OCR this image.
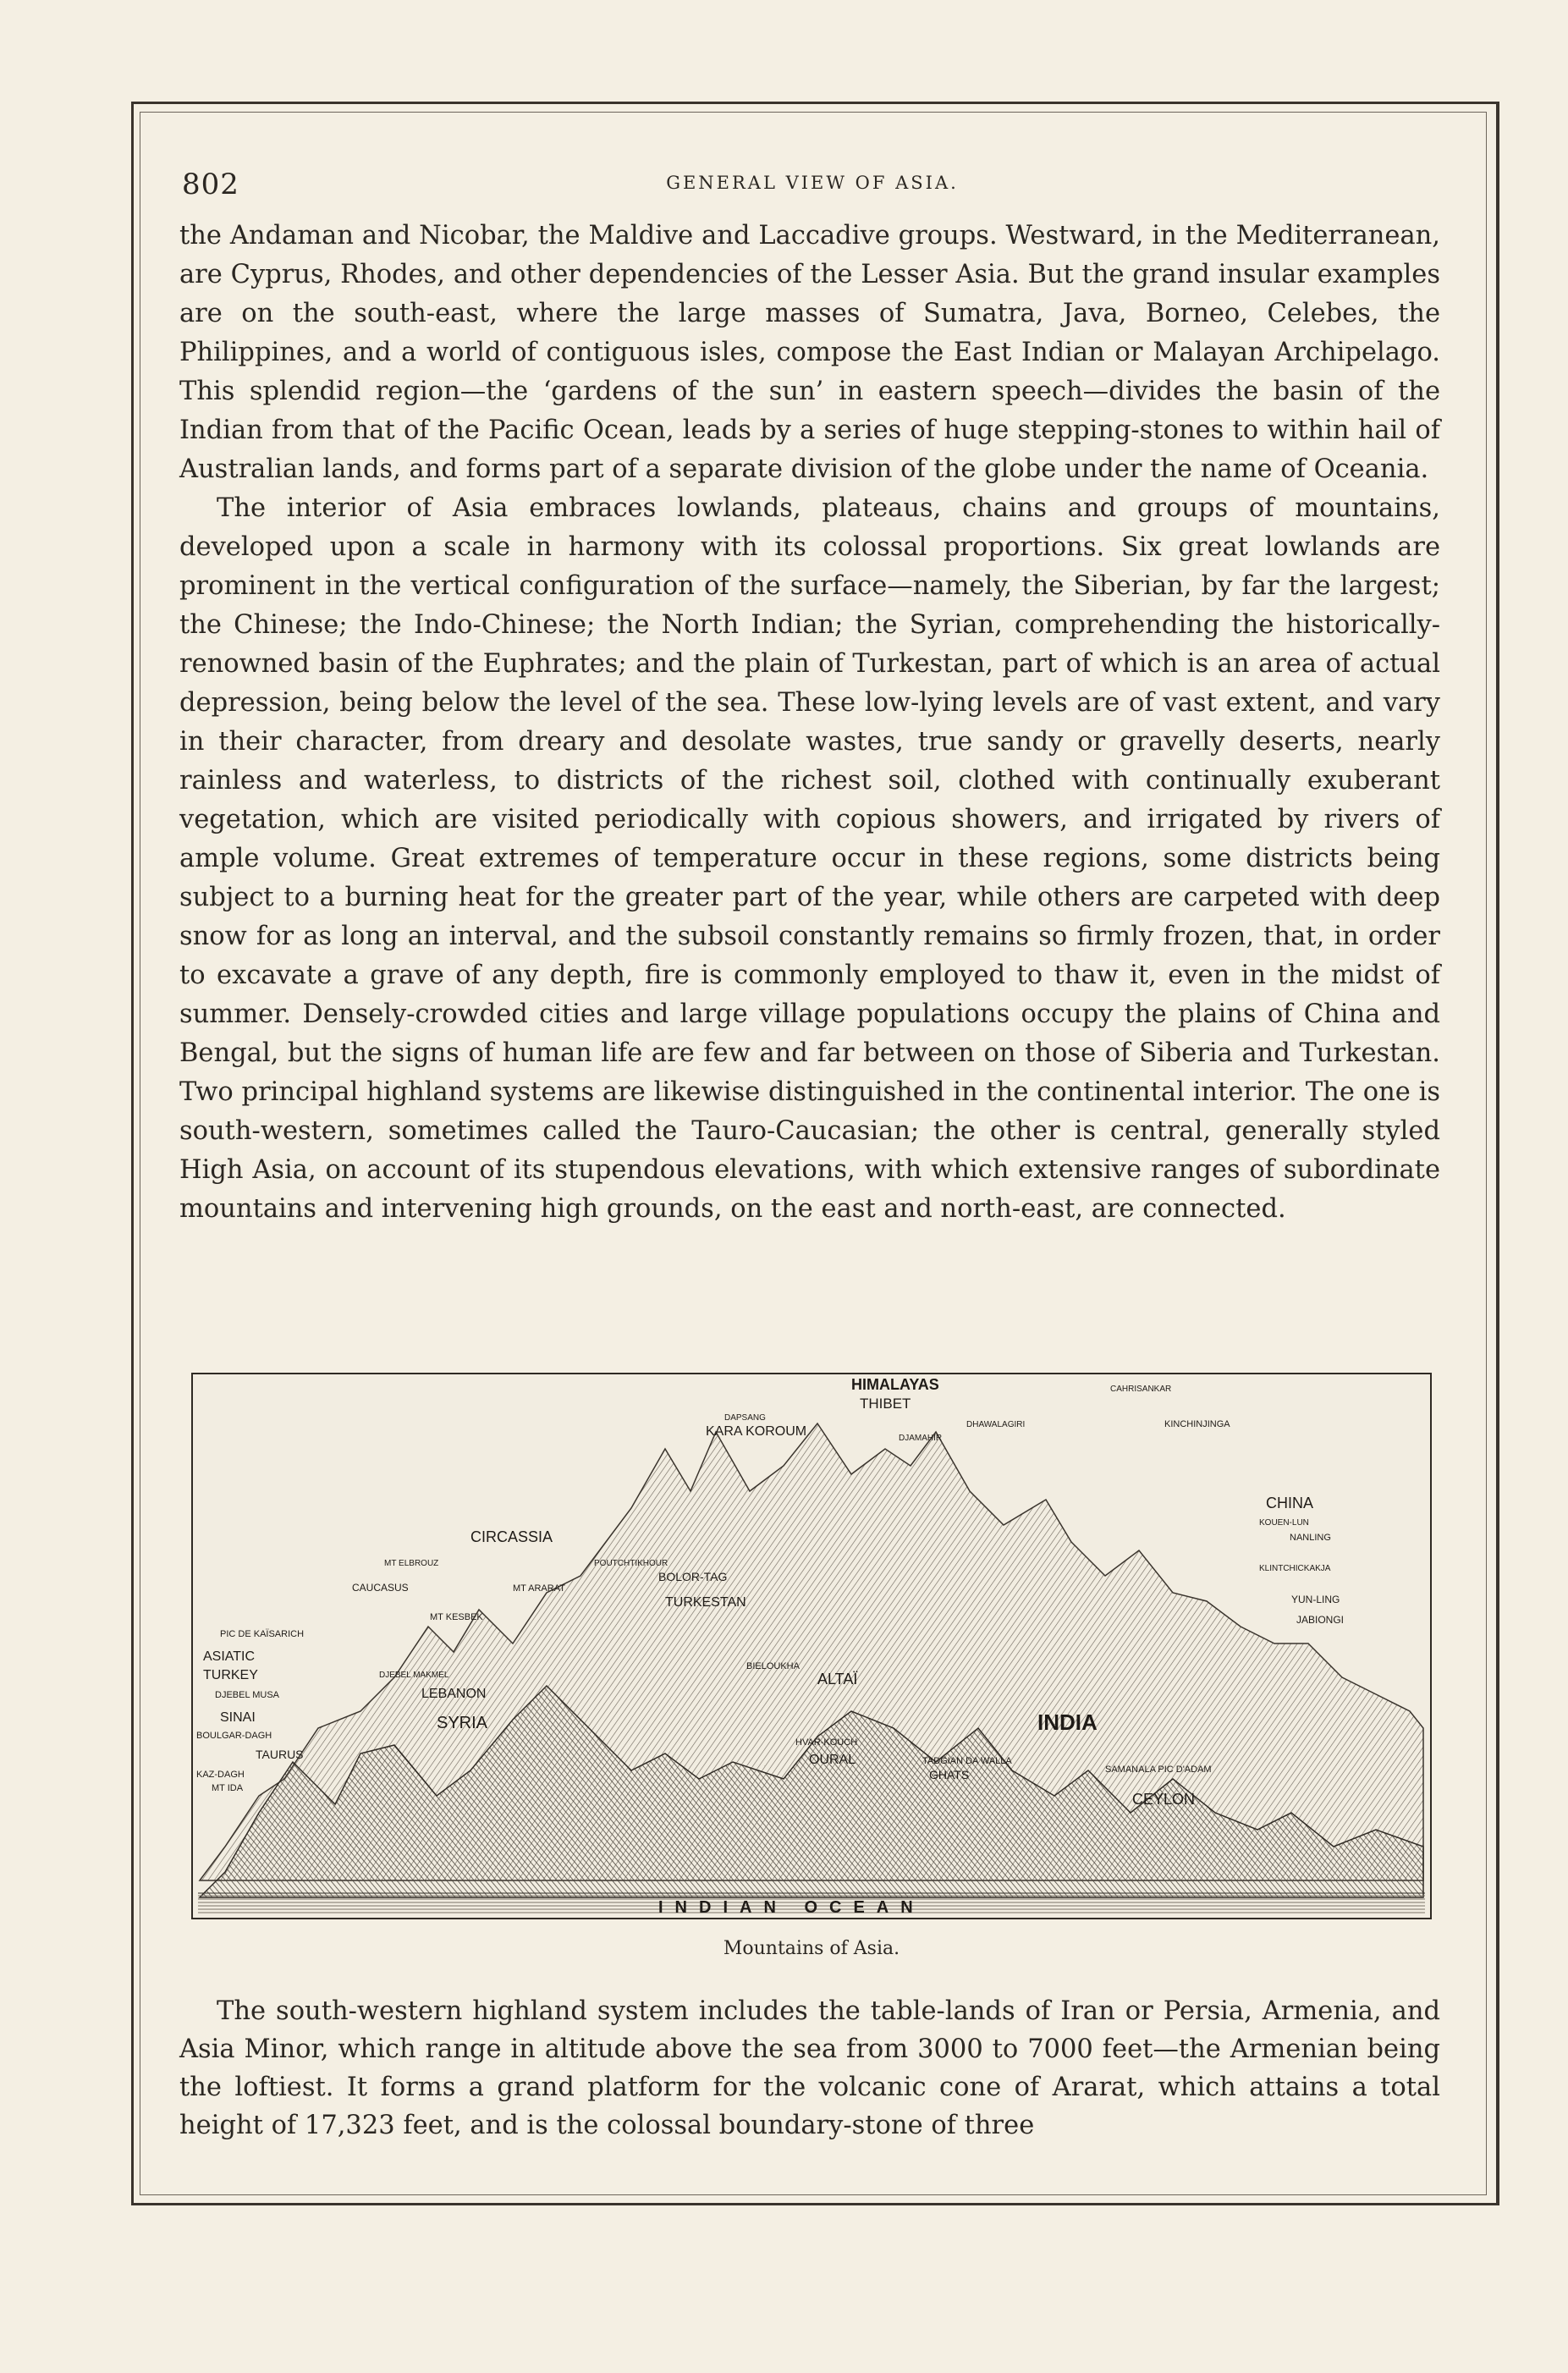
802	GENERAL VIEW OF ASIA.

the Andaman and Nicobar, the Maldive and Laccadive groups. Westward, in the Mediterranean, are Cyprus, Rhodes, and other dependencies of the Lesser Asia. But the grand insular examples are on the south-east, where the large masses of Sumatra, Java, Borneo, Celebes, the Philippines, and a world of contiguous isles, compose the East Indian or Malayan Archipelago. This splendid region—the ‘gardens of the sun’ in eastern speech—divides the basin of the Indian from that of the Pacific Ocean, leads by a series of huge stepping-stones to within hail of Australian lands, and forms part of a separate division of the globe under the name of Oceania.

The interior of Asia embraces lowlands, plateaus, chains and groups of mountains, developed upon a scale in harmony with its colossal proportions. Six great lowlands are prominent in the vertical configuration of the surface—namely, the Siberian, by far the largest; the Chinese; the Indo-Chinese; the North Indian; the Syrian, comprehending the historically-renowned basin of the Euphrates; and the plain of Turkestan, part of which is an area of actual depression, being below the level of the sea. These low-lying levels are of vast extent, and vary in their character, from dreary and desolate wastes, true sandy or gravelly deserts, nearly rainless and waterless, to districts of the richest soil, clothed with continually exuberant vegetation, which are visited periodically with copious showers, and irrigated by rivers of ample volume. Great extremes of temperature occur in these regions, some districts being subject to a burning heat for the greater part of the year, while others are carpeted with deep snow for as long an interval, and the subsoil constantly remains so firmly frozen, that, in order to excavate a grave of any depth, fire is commonly employed to thaw it, even in the midst of summer. Densely-crowded cities and large village populations occupy the plains of China and Bengal, but the signs of human life are few and far between on those of Siberia and Turkestan. Two principal highland systems are likewise distinguished in the continental interior. The one is south-western, sometimes called the Tauro-Caucasian; the other is central, generally styled High Asia, on account of its stupendous elevations, with which extensive ranges of subordinate mountains and intervening high grounds, on the east and north-east, are connected.

HIMALAYAS
THIBET
CAHRISANKAR
DAPSANG
KARA KOROUM	DHAWALAGIRI
DJAMAHIR
KINCHINJINGA
CHINA
KOUEN-LUN
NANLING
KLINTCHICKAKJA
YUN-LING
JABIONGI
CIRCASSIA
MT ELBROUZ	POUTCHTIKHOUR
CAUCASUS	MT ARARAT
BOLOR-TAG
TURKESTAN
MT KESBEK
PIC DE KAÏSARICH
ASIATIC
TURKEY	DJEBEL MAKMEL
DJEBEL MUSA	LEBANON
SINAI	SYRIA
BOULGAR-DAGH
TAURUS
KAZ-DAGH
MT IDA
BIELOUKHA
ALTAÏ
HVAR-KOUCH
OURAL	TADGIAN DA WALLA
GHATS
INDIA
SAMANALA PIC D'ADAM
CEYLON
INDIAN OCEAN
Mountains of Asia.

The south-western highland system includes the table-lands of Iran or Persia, Armenia, and Asia Minor, which range in altitude above the sea from 3000 to 7000 feet—the Armenian being the loftiest. It forms a grand platform for the volcanic cone of Ararat, which attains a total height of 17,323 feet, and is the colossal boundary-stone of three
